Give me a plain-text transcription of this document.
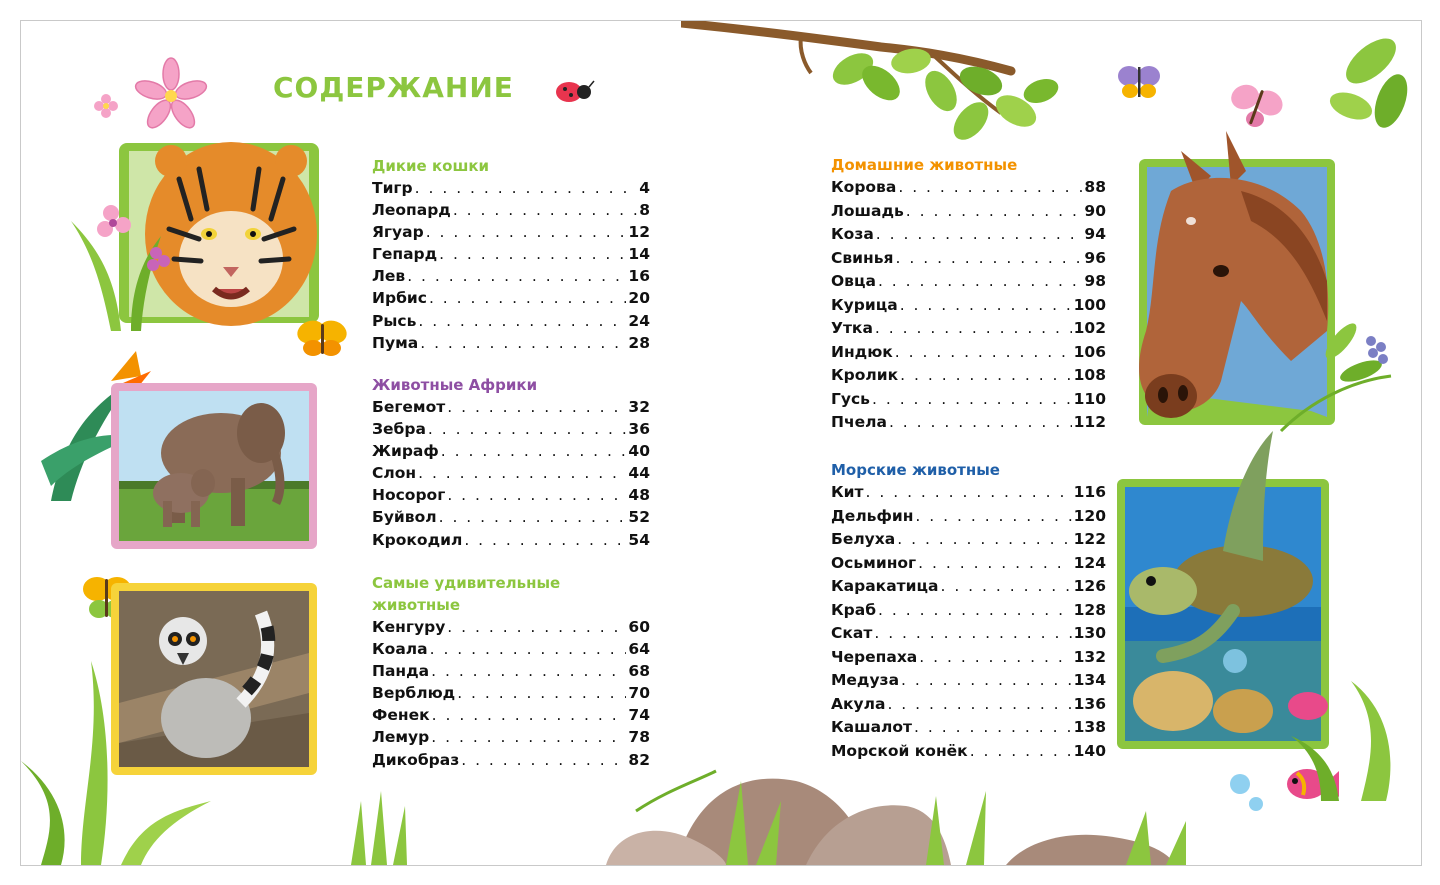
СОДЕРЖАНИЕ
Дикие кошки
Тигр . . .	4
Леопард . . .	8
Ягуар . . .	12
Гепард . . .	14
Лев . . .	16
Ирбис . . .	20
Рысь . . .	24
Пума . . .	28
Животные Африки
Бегемот . . .	32
Зебра . . .	36
Жираф . . .	40
Слон . . .	44
Носорог . . .	48
Буйвол . . .	52
Крокодил . . .	54
Самые удивительные
животные
Кенгуру . . .	60
Коала . . .	64
Панда . . .	68
Верблюд . . .	70
Фенек . . .	74
Лемур . . .	78
Дикобраз . . .	82
Домашние животные
Корова . . .	88
Лошадь . . .	90
Коза . . .	94
Свинья . . .	96
Овца . . .	98
Курица . . .	100
Утка . . .	102
Индюк . . .	106
Кролик . . .	108
Гусь . . .	110
Пчела . . .	112
Морские животные
Кит . . .	116
Дельфин . . .	120
Белуха . . .	122
Осьминог . . .	124
Каракатица . . .	126
Краб . . .	128
Скат . . .	130
Черепаха . . .	132
Медуза . . .	134
Акула . . .	136
Кашалот . . .	138
Морской конёк . . .	140
